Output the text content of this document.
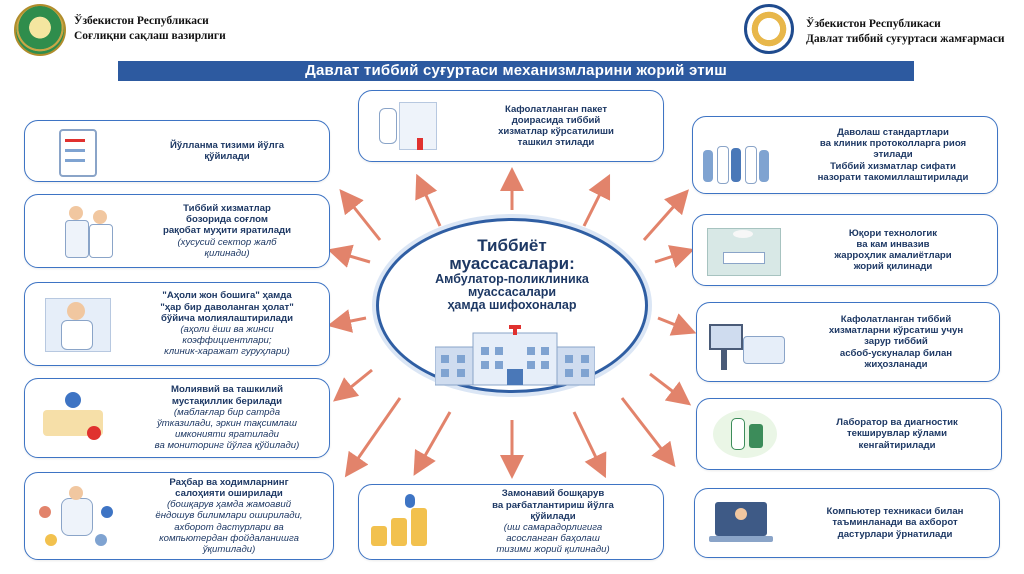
Ўзбекистон Республикаси
Соғлиқни сақлаш вазирлиги
Ўзбекистон Республикаси
Давлат тиббий суғуртаси жамғармаси
Давлат тиббий суғуртаси механизмларини жорий этиш
Тиббиёт
муассасалари:
Амбулатор-поликлиника
муассасалари
ҳамда шифохоналар
Кафолатланган пакет
доирасида тиббий
хизматлар кўрсатилиши
ташкил этилади
Замонавий бошқарув
ва рағбатлантириш йўлга
қўйилади
(иш самарадорлигига
асосланган баҳолаш
тизими жорий қилинади)
Йўлланма тизими йўлга
қўйилади
Тиббий хизматлар
бозорида соғлом
рақобат муҳити яратилади
(хусусий сектор жалб
қилинади)
"Аҳоли жон бошига" ҳамда
"ҳар бир даволанган ҳолат"
бўйича молиялаштирилади
(аҳоли ёши ва жинси
коэффициентлари;
клиник-харажат гуруҳлари)
Молиявий ва ташкилий
мустақиллик берилади
(маблағлар бир сатрда
ўтказилади, эркин тақсимлаш
имконияти яратилади
ва мониторинг йўлга қўйилади)
Раҳбар ва ходимларнинг
салоҳияти оширилади
(бошқарув ҳамда жамоавий
ёндошув билимлари оширилади,
ахборот дастурлари ва
компьютердан фойдаланишга
ўқитилади)
Даволаш стандартлари
ва клиник протоколларга риоя
этилади
Тиббий хизматлар сифати
назорати такомиллаштирилади
Юқори технологик
ва кам инвазив
жарроҳлик амалиётлари
жорий қилинади
Кафолатланган тиббий
хизматларни кўрсатиш учун
зарур тиббий
асбоб-ускуналар билан
жиҳозланади
Лаборатор ва диагностик
текширувлар кўлами
кенгайтирилади
Компьютер техникаси билан
таъминланади ва ахборот
дастурлари ўрнатилади
